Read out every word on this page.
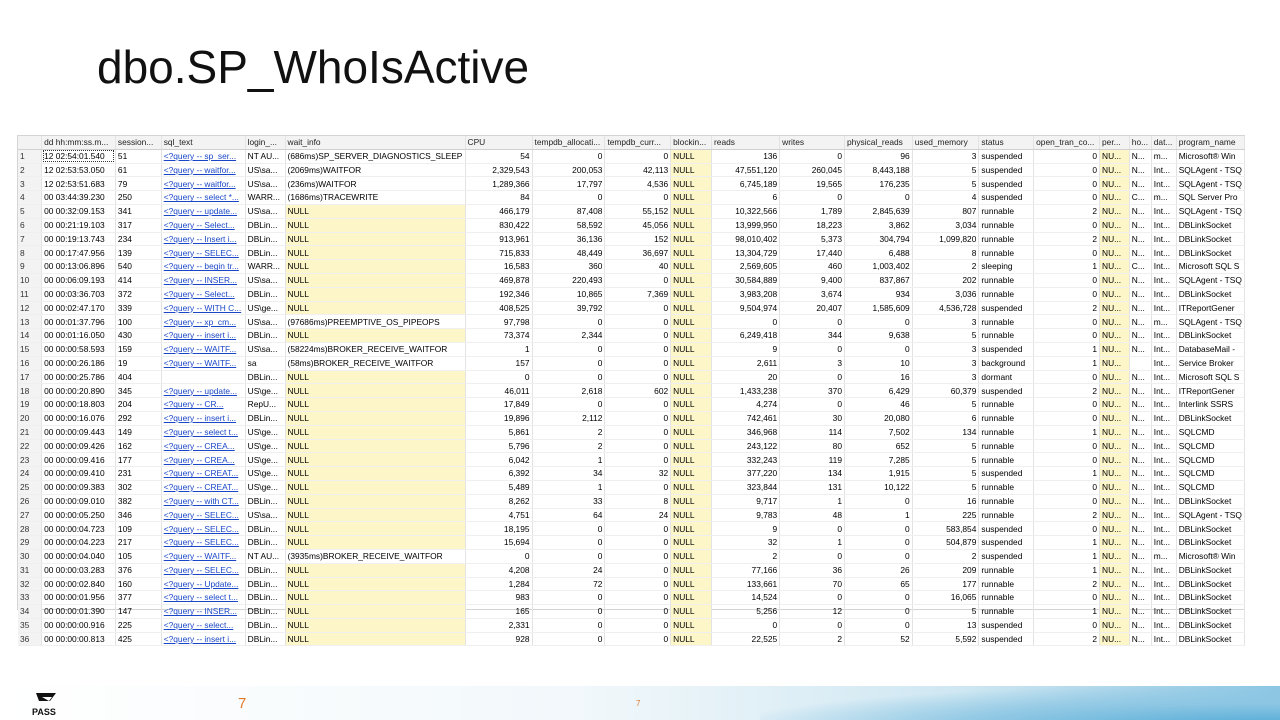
dbo.SP_WhoIsActive
	dd hh:mm:ss.m...	session...	sql_text	login_...	wait_info	CPU	tempdb_allocati...	tempdb_curr...	blockin...	reads	writes	physical_reads	used_memory	status	open_tran_co...	per...	ho...	dat...	program_name
1	12 02:54:01.540	51	<?query -- sp_ser...	NT AU...	(686ms)SP_SERVER_DIAGNOSTICS_SLEEP	54	0	0	NULL	136	0	96	3	suspended	0	NU...	N...	m...	Microsoft® Win
2	12 02:53:53.050	61	<?query -- waitfor...	US\sa...	(2069ms)WAITFOR	2,329,543	200,053	42,113	NULL	47,551,120	260,045	8,443,188	5	suspended	0	NU...	N...	Int...	SQLAgent - TSQ
3	12 02:53:51.683	79	<?query -- waitfor...	US\sa...	(236ms)WAITFOR	1,289,366	17,797	4,536	NULL	6,745,189	19,565	176,235	5	suspended	0	NU...	N...	Int...	SQLAgent - TSQ
4	00 03:44:39.230	250	<?query -- select *...	WARR...	(1686ms)TRACEWRITE	84	0	0	NULL	6	0	0	4	suspended	0	NU...	C...	m...	SQL Server Pro
5	00 00:32:09.153	341	<?query -- update...	US\sa...	NULL	466,179	87,408	55,152	NULL	10,322,566	1,789	2,845,639	807	runnable	2	NU...	N...	Int...	SQLAgent - TSQ
6	00 00:21:19.103	317	<?query -- Select...	DBLin...	NULL	830,422	58,592	45,056	NULL	13,999,950	18,223	3,862	3,034	runnable	0	NU...	N...	Int...	DBLinkSocket
7	00 00:19:13.743	234	<?query -- Insert i...	DBLin...	NULL	913,961	36,136	152	NULL	98,010,402	5,373	304,794	1,099,820	runnable	2	NU...	N...	Int...	DBLinkSocket
8	00 00:17:47.956	139	<?query -- SELEC...	DBLin...	NULL	715,833	48,449	36,697	NULL	13,304,729	17,440	6,488	8	runnable	0	NU...	N...	Int...	DBLinkSocket
9	00 00:13:06.896	540	<?query -- begin tr...	WARR...	NULL	16,583	360	40	NULL	2,569,605	460	1,003,402	2	sleeping	1	NU...	C...	Int...	Microsoft SQL S
10	00 00:06:09.193	414	<?query -- INSER...	US\sa...	NULL	469,878	220,493	0	NULL	30,584,889	9,400	837,867	202	runnable	0	NU...	N...	Int...	SQLAgent - TSQ
11	00 00:03:36.703	372	<?query -- Select...	DBLin...	NULL	192,346	10,865	7,369	NULL	3,983,208	3,674	934	3,036	runnable	0	NU...	N...	Int...	DBLinkSocket
12	00 00:02:47.170	339	<?query -- WITH C...	US\ge...	NULL	408,525	39,792	0	NULL	9,504,974	20,407	1,585,609	4,536,728	suspended	2	NU...	N...	Int...	ITReportGener
13	00 00:01:37.796	100	<?query -- xp_cm...	US\sa...	(97686ms)PREEMPTIVE_OS_PIPEOPS	97,798	0	0	NULL	0	0	0	3	runnable	0	NU...	N...	m...	SQLAgent - TSQ
14	00 00:01:16.050	430	<?query -- insert i...	DBLin...	NULL	73,374	2,344	0	NULL	6,249,418	344	9,638	5	runnable	0	NU...	N...	Int...	DBLinkSocket
15	00 00:00:58.593	159	<?query -- WAITF...	US\sa...	(58224ms)BROKER_RECEIVE_WAITFOR	1	0	0	NULL	9	0	0	3	suspended	1	NU...	N...	Int...	DatabaseMail -
16	00 00:00:26.186	19	<?query -- WAITF...	sa	(58ms)BROKER_RECEIVE_WAITFOR	157	0	0	NULL	2,611	3	10	3	background	1	NU...		Int...	Service Broker
17	00 00:00:25.786	404		DBLin...	NULL	0	0	0	NULL	20	0	16	3	dormant	0	NU...	N...	Int...	Microsoft SQL S
18	00 00:00:20.890	345	<?query -- update...	US\ge...	NULL	46,011	2,618	602	NULL	1,433,238	370	6,429	60,379	suspended	2	NU...	N...	Int...	ITReportGener
19	00 00:00:18.803	204	<?query -- CR...	RepU...	NULL	17,849	0	0	NULL	4,274	0	46	5	runnable	0	NU...	N...	Int...	Interlink SSRS
20	00 00:00:16.076	292	<?query -- insert i...	DBLin...	NULL	19,896	2,112	0	NULL	742,461	30	20,080	6	runnable	0	NU...	N...	Int...	DBLinkSocket
21	00 00:00:09.443	149	<?query -- select t...	US\ge...	NULL	5,861	2	0	NULL	346,968	114	7,502	134	runnable	1	NU...	N...	Int...	SQLCMD
22	00 00:00:09.426	162	<?query -- CREA...	US\ge...	NULL	5,796	2	0	NULL	243,122	80	652	5	runnable	0	NU...	N...	Int...	SQLCMD
23	00 00:00:09.416	177	<?query -- CREA...	US\ge...	NULL	6,042	1	0	NULL	332,243	119	7,285	5	runnable	0	NU...	N...	Int...	SQLCMD
24	00 00:00:09.410	231	<?query -- CREAT...	US\ge...	NULL	6,392	34	32	NULL	377,220	134	1,915	5	suspended	1	NU...	N...	Int...	SQLCMD
25	00 00:00:09.383	302	<?query -- CREAT...	US\ge...	NULL	5,489	1	0	NULL	323,844	131	10,122	5	runnable	0	NU...	N...	Int...	SQLCMD
26	00 00:00:09.010	382	<?query -- with CT...	DBLin...	NULL	8,262	33	8	NULL	9,717	1	0	16	runnable	0	NU...	N...	Int...	DBLinkSocket
27	00 00:00:05.250	346	<?query -- SELEC...	US\sa...	NULL	4,751	64	24	NULL	9,783	48	1	225	runnable	2	NU...	N...	Int...	SQLAgent - TSQ
28	00 00:00:04.723	109	<?query -- SELEC...	DBLin...	NULL	18,195	0	0	NULL	9	0	0	583,854	suspended	0	NU...	N...	Int...	DBLinkSocket
29	00 00:00:04.223	217	<?query -- SELEC...	DBLin...	NULL	15,694	0	0	NULL	32	1	0	504,879	suspended	1	NU...	N...	Int...	DBLinkSocket
30	00 00:00:04.040	105	<?query -- WAITF...	NT AU...	(3935ms)BROKER_RECEIVE_WAITFOR	0	0	0	NULL	2	0	0	2	suspended	1	NU...	N...	m...	Microsoft® Win
31	00 00:00:03.283	376	<?query -- SELEC...	DBLin...	NULL	4,208	24	0	NULL	77,166	36	26	209	runnable	1	NU...	N...	Int...	DBLinkSocket
32	00 00:00:02.840	160	<?query -- Update...	DBLin...	NULL	1,284	72	0	NULL	133,661	70	65	177	runnable	2	NU...	N...	Int...	DBLinkSocket
33	00 00:00:01.956	377	<?query -- select t...	DBLin...	NULL	983	0	0	NULL	14,524	0	0	16,065	runnable	0	NU...	N...	Int...	DBLinkSocket
34	00 00:00:01.390	147	<?query -- INSER...	DBLin...	NULL	165	0	0	NULL	5,256	12	0	5	runnable	1	NU...	N...	Int...	DBLinkSocket
35	00 00:00:00.916	225	<?query -- select...	DBLin...	NULL	2,331	0	0	NULL	0	0	0	13	suspended	0	NU...	N...	Int...	DBLinkSocket
36	00 00:00:00.813	425	<?query -- insert i...	DBLin...	NULL	928	0	0	NULL	22,525	2	52	5,592	suspended	2	NU...	N...	Int...	DBLinkSocket
PASS	7	7
